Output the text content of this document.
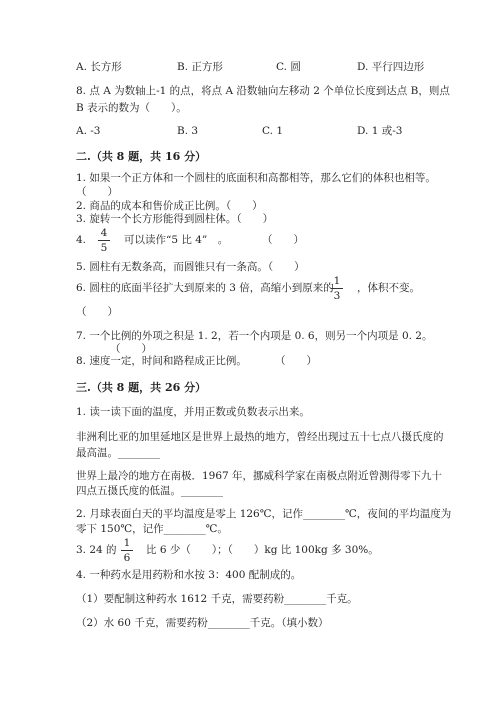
A. 长方形	B. 正方形	C. 圆	D. 平行四边形
8. 点 A 为数轴上-1 的点，将点 A 沿数轴向左移动 2 个单位长度到达点 B，则点
B 表示的数为（　　）。
A. -3	B. 3	C. 1	D. 1 或-3
二.（共 8 题，共 16 分）
1. 如果一个正方体和一个圆柱的底面积和高都相等，那么它们的体积也相等。
（　　）
2. 商品的成本和售价成正比例。（　　）
3. 旋转一个长方形能得到圆柱体。（　　）
4.
4
5
可以读作“5 比 4”　。	（　　）
5. 圆柱有无数条高，而圆锥只有一条高。（　　）
6. 圆柱的底面半径扩大到原来的 3 倍，高缩小到原来的
1
3
，体积不变。
（　　）
7. 一个比例的外项之积是 1. 2，若一个内项是 0. 6，则另一个内项是 0. 2。
（　　）
8. 速度一定，时间和路程成正比例。	（　　）
三.（共 8 题，共 26 分）
1. 读一读下面的温度，并用正数或负数表示出来。
非洲利比亚的加里延地区是世界上最热的地方，曾经出现过五十七点八摄氏度的
最高温。________
世界上最冷的地方在南极．1967 年，挪威科学家在南极点附近曾测得零下九十
四点五摄氏度的低温。________
2. 月球表面白天的平均温度是零上 126℃，记作________℃，夜间的平均温度为
零下 150℃，记作________℃。
3. 24 的
1
6
比 6 少（　　）；（　　）kg 比 100kg 多 30%。
4. 一种药水是用药粉和水按 3：400 配制成的。
（1）要配制这种药水 1612 千克，需要药粉________千克。
（2）水 60 千克，需要药粉________千克。（填小数）
